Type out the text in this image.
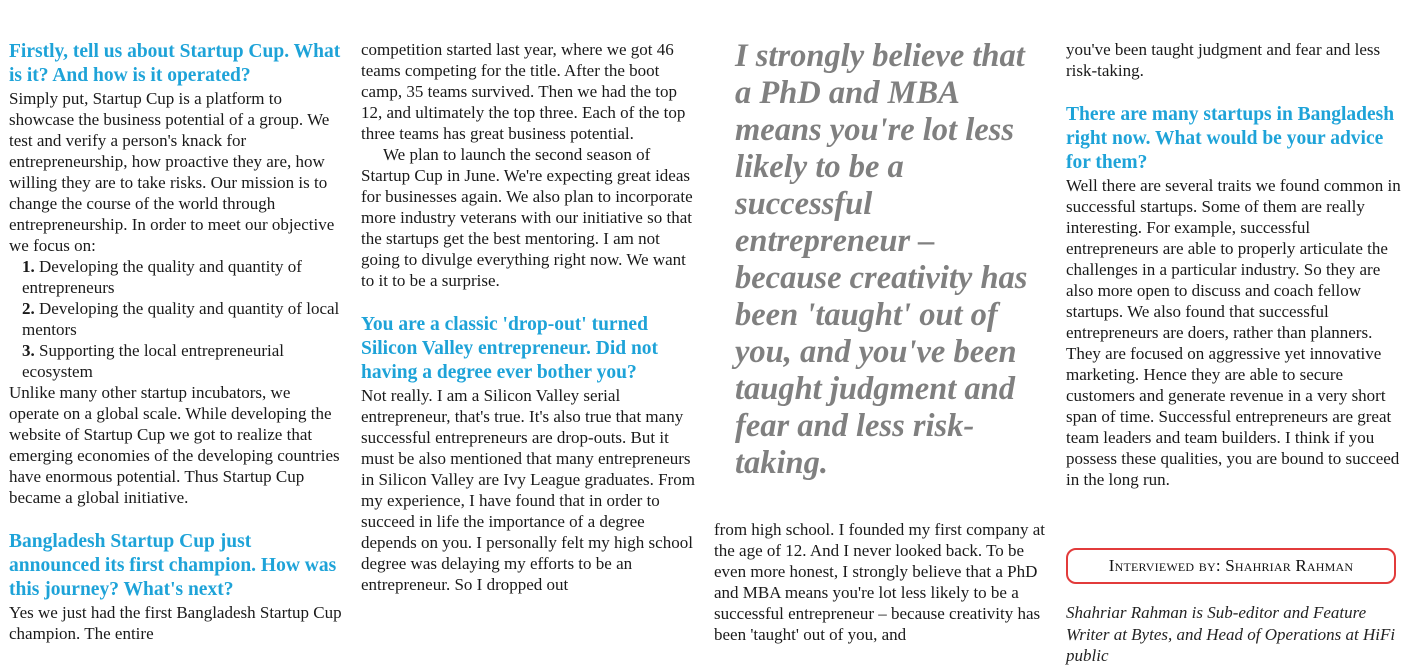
Firstly, tell us about Startup Cup. What is it? And how is it operated?

Simply put, Startup Cup is a platform to showcase the business potential of a group. We test and verify a person's knack for entrepreneurship, how proactive they are, how willing they are to take risks. Our mission is to change the course of the world through entrepreneurship. In order to meet our objective we focus on:

1. Developing the quality and quantity of entrepreneurs
2. Developing the quality and quantity of local mentors
3. Supporting the local entrepreneurial ecosystem

Unlike many other startup incubators, we operate on a global scale. While developing the website of Startup Cup we got to realize that emerging economies of the developing countries have enormous potential. Thus Startup Cup became a global initiative.

Bangladesh Startup Cup just announced its first champion. How was this journey? What's next?

Yes we just had the first Bangladesh Startup Cup champion. The entire

competition started last year, where we got 46 teams competing for the title. After the boot camp, 35 teams survived. Then we had the top 12, and ultimately the top three. Each of the top three teams has great business potential.

We plan to launch the second season of Startup Cup in June. We're expecting great ideas for businesses again. We also plan to incorporate more industry veterans with our initiative so that the startups get the best mentoring. I am not going to divulge everything right now. We want to it to be a surprise.

You are a classic 'drop-out' turned Silicon Valley entrepreneur. Did not having a degree ever bother you?

Not really. I am a Silicon Valley serial entrepreneur, that's true. It's also true that many successful entrepreneurs are drop-outs. But it must be also mentioned that many entrepreneurs in Silicon Valley are Ivy League graduates. From my experience, I have found that in order to succeed in life the importance of a degree depends on you. I personally felt my high school degree was delaying my efforts to be an entrepreneur. So I dropped out

I strongly believe that a PhD and MBA means you're lot less likely to be a successful entrepreneur – because creativity has been 'taught' out of you, and you've been taught judgment and fear and less risk-taking.

from high school. I founded my first company at the age of 12. And I never looked back. To be even more honest, I strongly believe that a PhD and MBA means you're lot less likely to be a successful entrepreneur – because creativity has been 'taught' out of you, and

you've been taught judgment and fear and less risk-taking.

There are many startups in Bangladesh right now. What would be your advice for them?

Well there are several traits we found common in successful startups. Some of them are really interesting. For example, successful entrepreneurs are able to properly articulate the challenges in a particular industry. So they are also more open to discuss and coach fellow startups. We also found that successful entrepreneurs are doers, rather than planners. They are focused on aggressive yet innovative marketing. Hence they are able to secure customers and generate revenue in a very short span of time. Successful entrepreneurs are great team leaders and team builders. I think if you possess these qualities, you are bound to succeed in the long run.

Interviewed by: Shahriar Rahman
Shahriar Rahman is Sub-editor and Feature Writer at Bytes, and Head of Operations at HiFi public
